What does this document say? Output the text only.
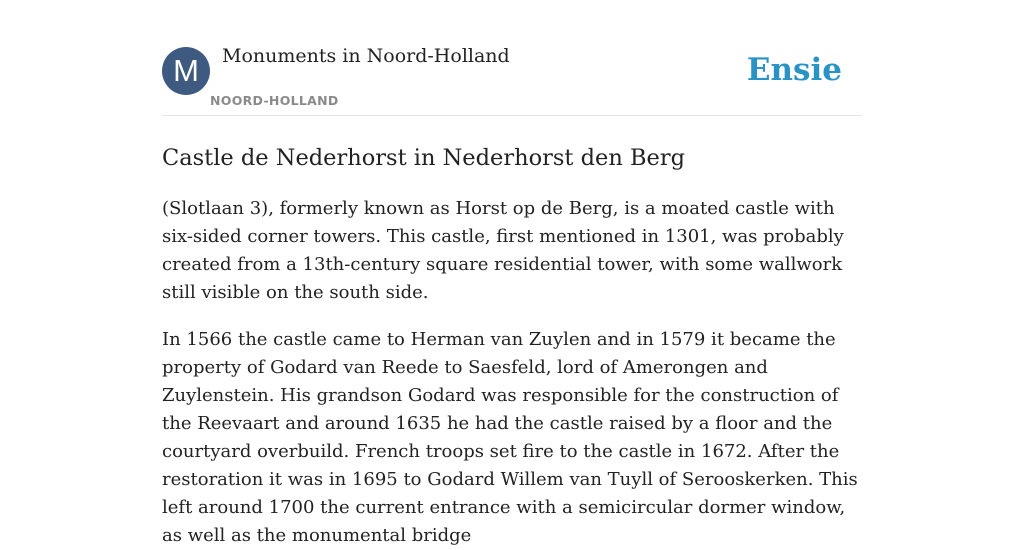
M	Monuments in Noord-Holland
NOORD-HOLLAND
Ensie
Castle de Nederhorst in Nederhorst den Berg

(Slotlaan 3), formerly known as Horst op de Berg, is a moated castle with six-sided corner towers. This castle, first mentioned in 1301, was probably created from a 13th-century square residential tower, with some wallwork still visible on the south side.

In 1566 the castle came to Herman van Zuylen and in 1579 it became the property of Godard van Reede to Saesfeld, lord of Amerongen and Zuylenstein. His grandson Godard was responsible for the construction of the Reevaart and around 1635 he had the castle raised by a floor and the courtyard overbuild. French troops set fire to the castle in 1672. After the restoration it was in 1695 to Godard Willem van Tuyll of Serooskerken. This left around 1700 the current entrance with a semicircular dormer window, as well as the monumental bridge
